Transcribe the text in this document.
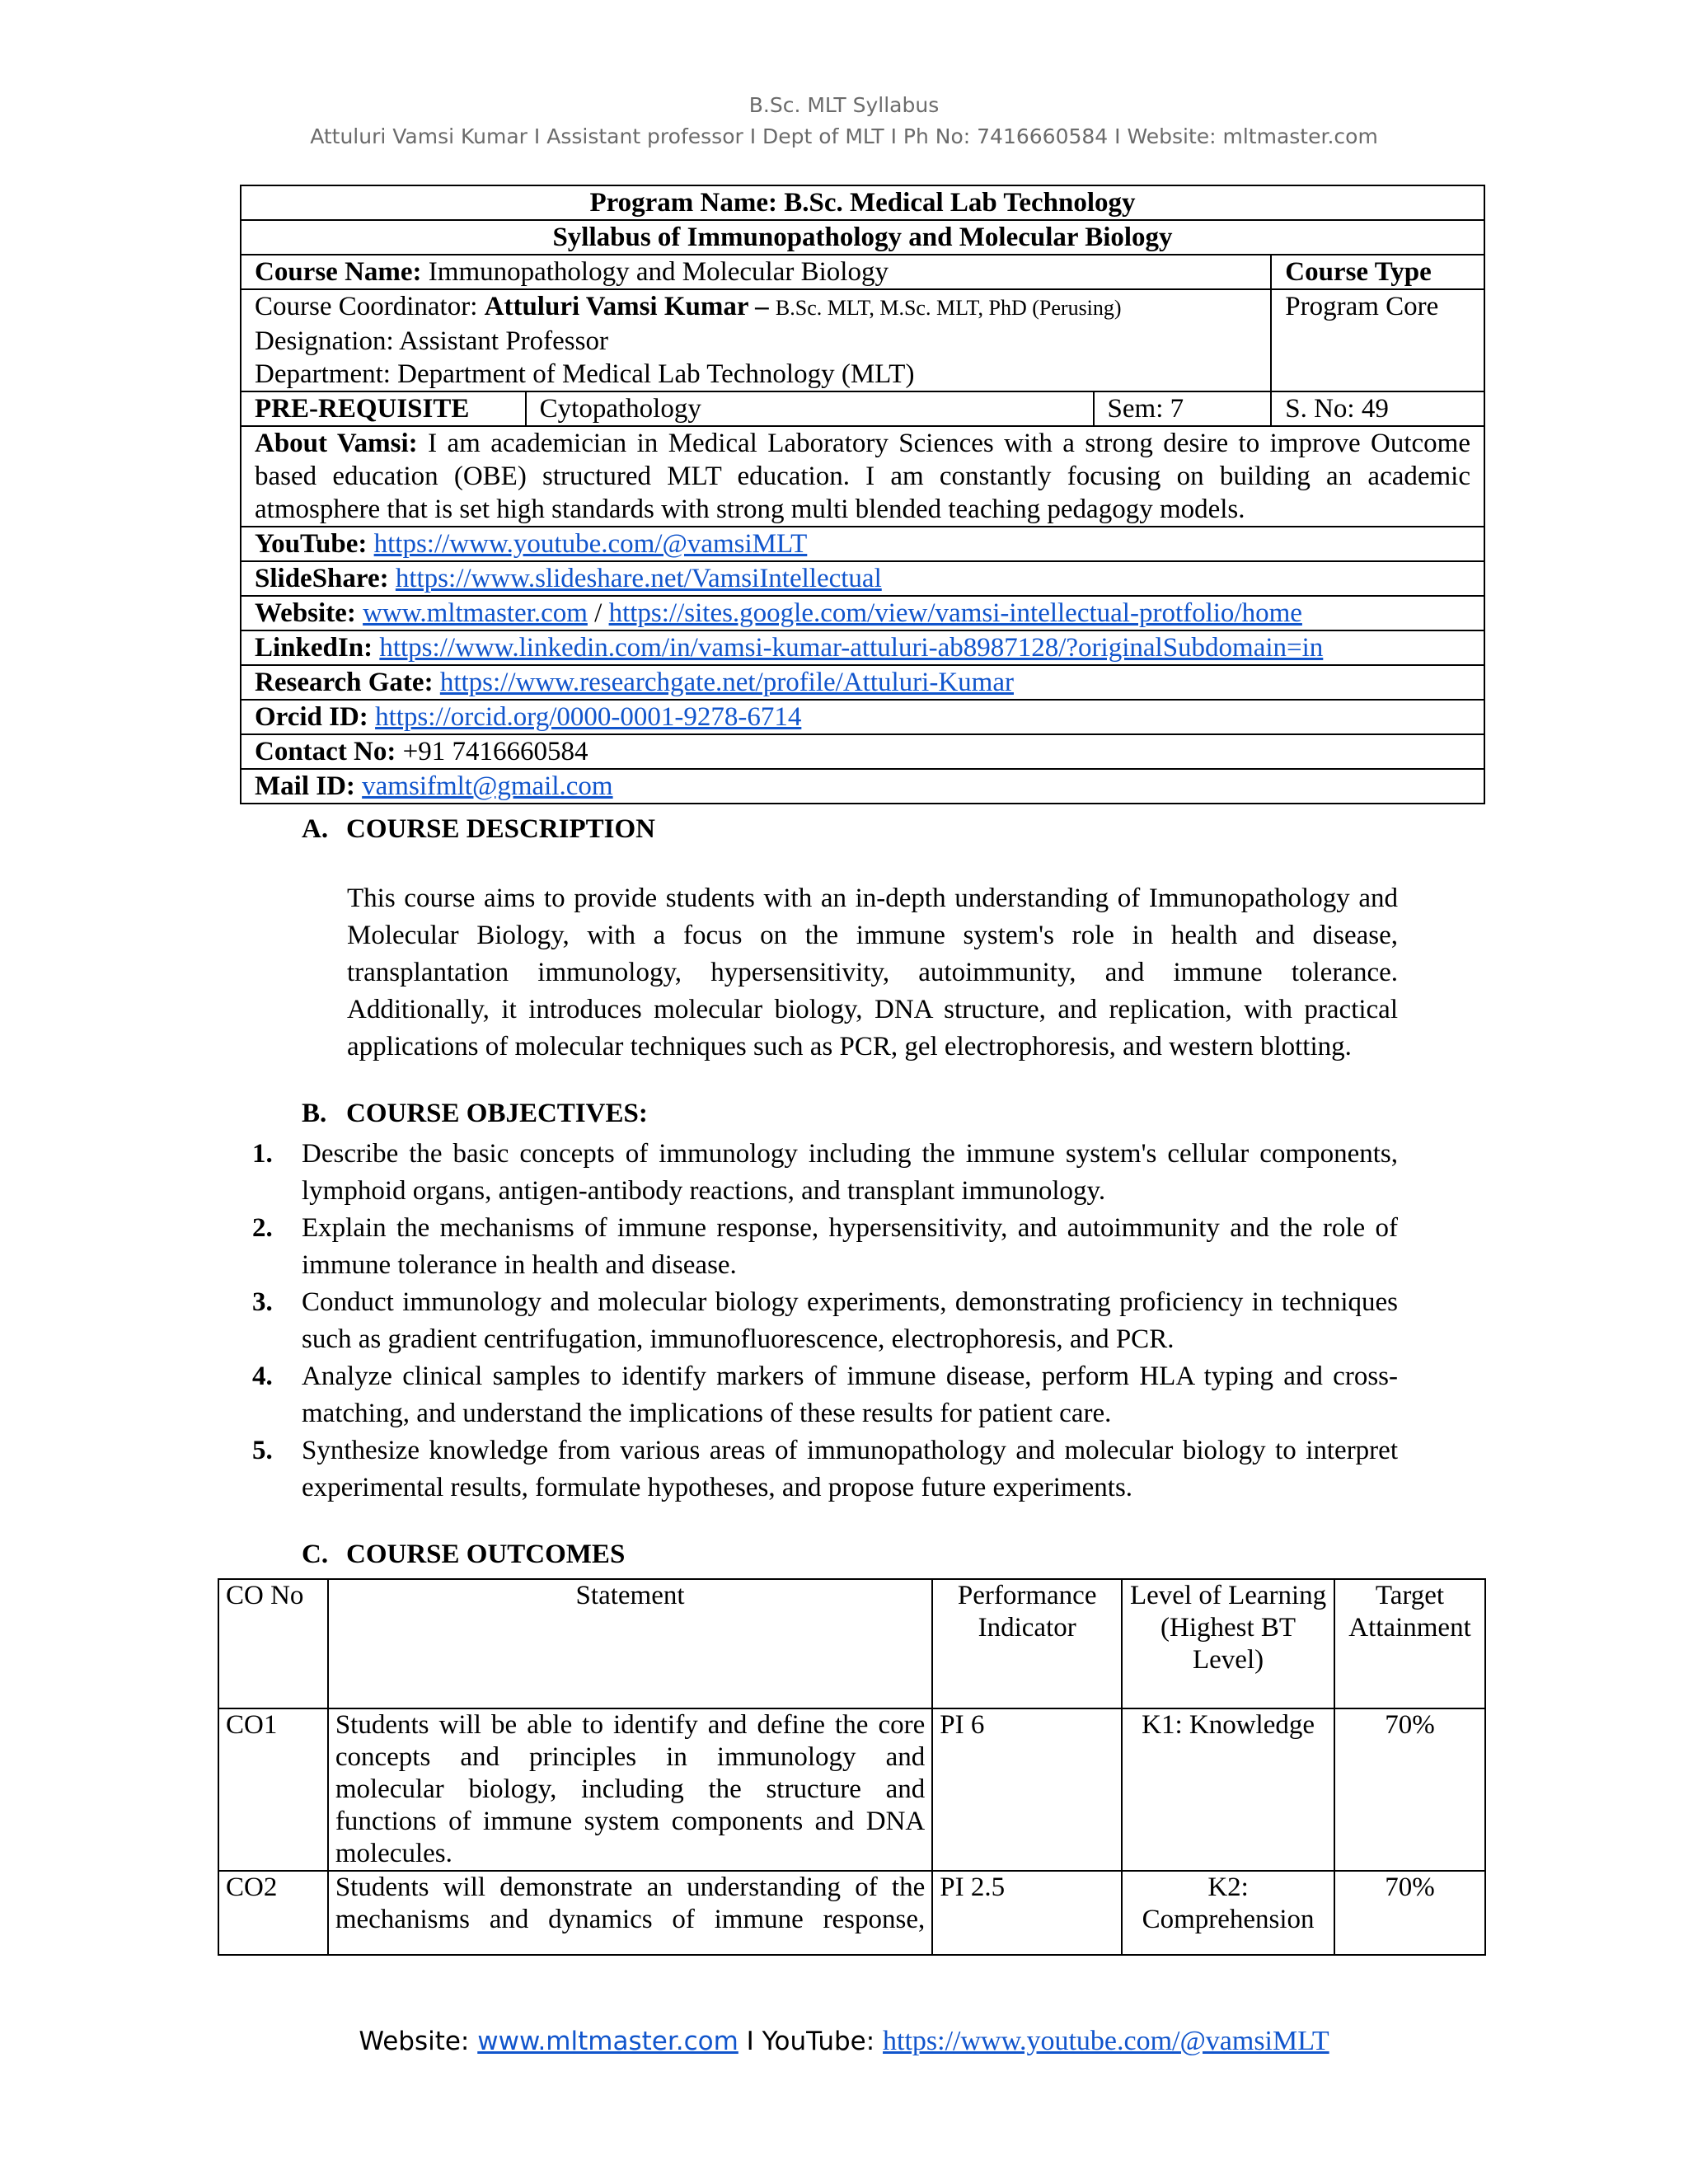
B.Sc. MLT Syllabus
Attuluri Vamsi Kumar I Assistant professor I Dept of MLT I Ph No: 7416660584 I Website: mltmaster.com
Program Name: B.Sc. Medical Lab Technology			
Syllabus of Immunopathology and Molecular Biology			
Course Name: Immunopathology and Molecular Biology			Course Type

Course Coordinator: Attuluri Vamsi Kumar – B.Sc. MLT, M.Sc. MLT, PhD (Perusing)
Designation: Assistant Professor
Department: Department of Medical Lab Technology (MLT)			Program Core
PRE-REQUISITE	Cytopathology	Sem: 7	S. No: 49
About Vamsi: I am academician in Medical Laboratory Sciences with a strong desire to improve Outcome based education (OBE) structured MLT education. I am constantly focusing on building an academic atmosphere that is set high standards with strong multi blended teaching pedagogy models.			
YouTube: https://www.youtube.com/@vamsiMLT			
SlideShare: https://www.slideshare.net/VamsiIntellectual			
Website: www.mltmaster.com / https://sites.google.com/view/vamsi-intellectual-protfolio/home			
LinkedIn: https://www.linkedin.com/in/vamsi-kumar-attuluri-ab8987128/?originalSubdomain=in			
Research Gate: https://www.researchgate.net/profile/Attuluri-Kumar			
Orcid ID: https://orcid.org/0000-0001-9278-6714			
Contact No: +91 7416660584			
Mail ID: vamsifmlt@gmail.com			
A. COURSE DESCRIPTION
This course aims to provide students with an in-depth understanding of Immunopathology and Molecular Biology, with a focus on the immune system's role in health and disease, transplantation immunology, hypersensitivity, autoimmunity, and immune tolerance. Additionally, it introduces molecular biology, DNA structure, and replication, with practical applications of molecular techniques such as PCR, gel electrophoresis, and western blotting.
B. COURSE OBJECTIVES:
1. Describe the basic concepts of immunology including the immune system's cellular components, lymphoid organs, antigen-antibody reactions, and transplant immunology.
2. Explain the mechanisms of immune response, hypersensitivity, and autoimmunity and the role of immune tolerance in health and disease.
3. Conduct immunology and molecular biology experiments, demonstrating proficiency in techniques such as gradient centrifugation, immunofluorescence, electrophoresis, and PCR.
4. Analyze clinical samples to identify markers of immune disease, perform HLA typing and cross-matching, and understand the implications of these results for patient care.
5. Synthesize knowledge from various areas of immunopathology and molecular biology to interpret experimental results, formulate hypotheses, and propose future experiments.
C. COURSE OUTCOMES
CO No	Statement	Performance Indicator	Level of Learning (Highest BT Level)	Target Attainment
CO1	Students will be able to identify and define the core concepts and principles in immunology and molecular biology, including the structure and functions of immune system components and DNA molecules.	PI 6	K1: Knowledge	70%
CO2	Students will demonstrate an understanding of the mechanisms and dynamics of immune response,	PI 2.5	K2: Comprehension	70%
Website: www.mltmaster.com I YouTube: https://www.youtube.com/@vamsiMLT
